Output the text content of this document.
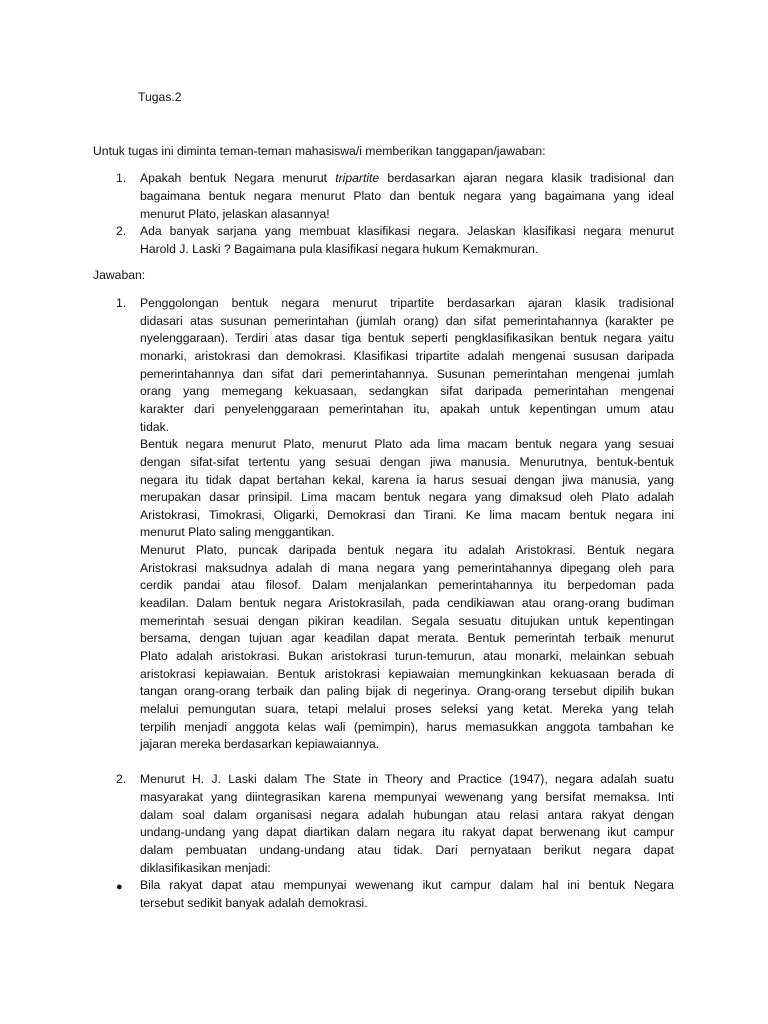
Tugas.2

Untuk tugas ini diminta teman-teman mahasiswa/i memberikan tanggapan/jawaban:

1. Apakah bentuk Negara menurut tripartite berdasarkan ajaran negara klasik tradisional dan

bagaimana bentuk negara menurut Plato dan bentuk negara yang bagaimana yang ideal

menurut Plato, jelaskan alasannya!

2. Ada banyak sarjana yang membuat klasifikasi negara. Jelaskan klasifikasi negara menurut

Harold J. Laski ? Bagaimana pula klasifikasi negara hukum Kemakmuran.

Jawaban:

1. Penggolongan bentuk negara menurut tripartite berdasarkan ajaran klasik tradisional

didasari atas susunan pemerintahan (jumlah orang) dan sifat pemerintahannya (karakter pe

nyelenggaraan). Terdiri atas dasar tiga bentuk seperti pengklasifikasikan bentuk negara yaitu

monarki, aristokrasi dan demokrasi. Klasifikasi tripartite adalah mengenai sususan daripada

pemerintahannya dan sifat dari pemerintahannya. Susunan pemerintahan mengenai jumlah

orang yang memegang kekuasaan, sedangkan sifat daripada pemerintahan mengenai

karakter dari penyelenggaraan pemerintahan itu, apakah untuk kepentingan umum atau

tidak.

Bentuk negara menurut Plato, menurut Plato ada lima macam bentuk negara yang sesuai

dengan sifat-sifat tertentu yang sesuai dengan jiwa manusia. Menurutnya, bentuk-bentuk

negara itu tidak dapat bertahan kekal, karena ia harus sesuai dengan jiwa manusia, yang

merupakan dasar prinsipil. Lima macam bentuk negara yang dimaksud oleh Plato adalah

Aristokrasi, Timokrasi, Oligarki, Demokrasi dan Tirani. Ke lima macam bentuk negara ini

menurut Plato saling menggantikan.

Menurut Plato, puncak daripada bentuk negara itu adalah Aristokrasi. Bentuk negara

Aristokrasi maksudnya adalah di mana negara yang pemerintahannya dipegang oleh para

cerdik pandai atau filosof. Dalam menjalankan pemerintahannya itu berpedoman pada

keadilan. Dalam bentuk negara Aristokrasilah, pada cendikiawan atau orang-orang budiman

memerintah sesuai dengan pikiran keadilan. Segala sesuatu ditujukan untuk kepentingan

bersama, dengan tujuan agar keadilan dapat merata. Bentuk pemerintah terbaik menurut

Plato adalah aristokrasi. Bukan aristokrasi turun-temurun, atau monarki, melainkan sebuah

aristokrasi kepiawaian. Bentuk aristokrasi kepiawaian memungkinkan kekuasaan berada di

tangan orang-orang terbaik dan paling bijak di negerinya. Orang-orang tersebut dipilih bukan

melalui pemungutan suara, tetapi melalui proses seleksi yang ketat. Mereka yang telah

terpilih menjadi anggota kelas wali (pemimpin), harus memasukkan anggota tambahan ke

jajaran mereka berdasarkan kepiawaiannya.

2. Menurut H. J. Laski dalam The State in Theory and Practice (1947), negara adalah suatu

masyarakat yang diintegrasikan karena mempunyai wewenang yang bersifat memaksa. Inti

dalam soal dalam organisasi negara adalah hubungan atau relasi antara rakyat dengan

undang-undang yang dapat diartikan dalam negara itu rakyat dapat berwenang ikut campur

dalam pembuatan undang-undang atau tidak. Dari pernyataan berikut negara dapat

diklasifikasikan menjadi:

● Bila rakyat dapat atau mempunyai wewenang ikut campur dalam hal ini bentuk Negara

tersebut sedikit banyak adalah demokrasi.
